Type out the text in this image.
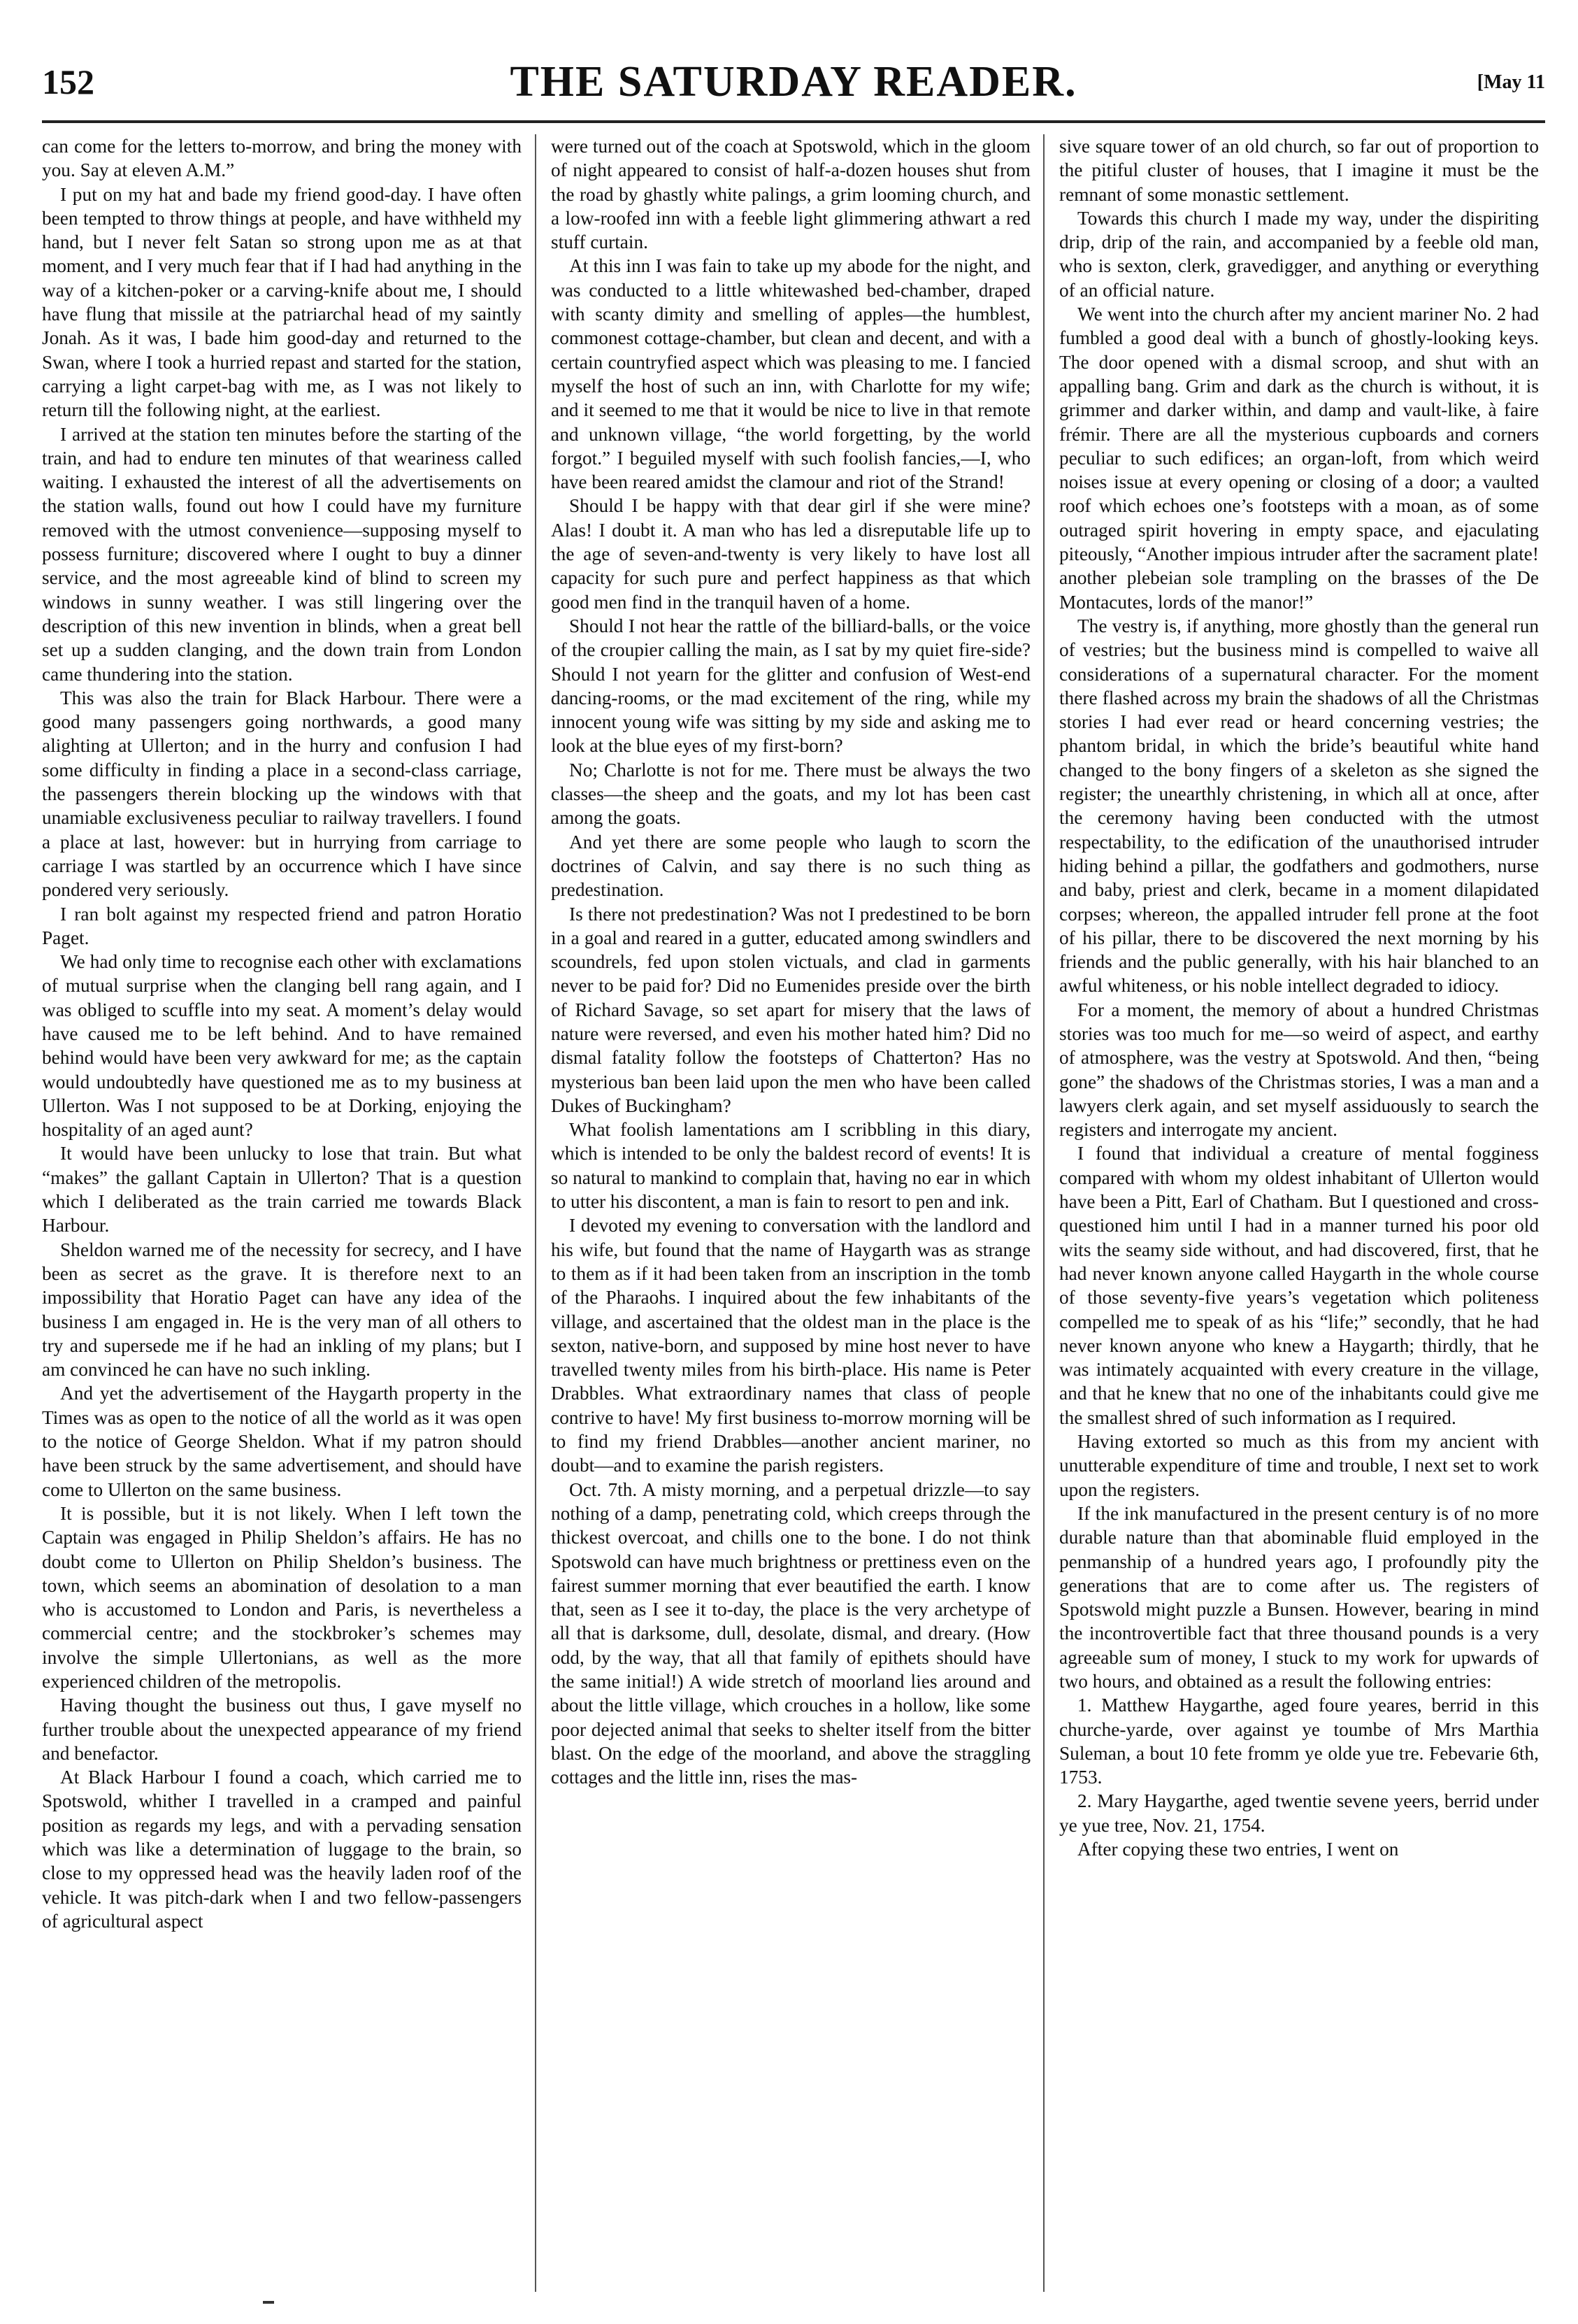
152	THE SATURDAY READER.	[May 11

can come for the letters to-morrow, and bring the money with you. Say at eleven A.M.”

I put on my hat and bade my friend good-day. I have often been tempted to throw things at people, and have withheld my hand, but I never felt Satan so strong upon me as at that moment, and I very much fear that if I had had anything in the way of a kitchen-poker or a carving-knife about me, I should have flung that missile at the patriarchal head of my saintly Jonah. As it was, I bade him good-day and returned to the Swan, where I took a hurried repast and started for the station, carrying a light carpet-bag with me, as I was not likely to return till the following night, at the earliest.

I arrived at the station ten minutes before the starting of the train, and had to endure ten minutes of that weariness called waiting. I exhausted the interest of all the advertisements on the station walls, found out how I could have my furniture removed with the utmost convenience—supposing myself to possess furniture; discovered where I ought to buy a dinner service, and the most agreeable kind of blind to screen my windows in sunny weather. I was still lingering over the description of this new invention in blinds, when a great bell set up a sudden clanging, and the down train from London came thundering into the station.

This was also the train for Black Harbour. There were a good many passengers going northwards, a good many alighting at Ullerton; and in the hurry and confusion I had some difficulty in finding a place in a second-class carriage, the passengers therein blocking up the windows with that unamiable exclusiveness peculiar to railway travellers. I found a place at last, however: but in hurrying from carriage to carriage I was startled by an occurrence which I have since pondered very seriously.

I ran bolt against my respected friend and patron Horatio Paget.

We had only time to recognise each other with exclamations of mutual surprise when the clanging bell rang again, and I was obliged to scuffle into my seat. A moment’s delay would have caused me to be left behind. And to have remained behind would have been very awkward for me; as the captain would undoubtedly have questioned me as to my business at Ullerton. Was I not supposed to be at Dorking, enjoying the hospitality of an aged aunt?

It would have been unlucky to lose that train. But what “makes” the gallant Captain in Ullerton? That is a question which I deliberated as the train carried me towards Black Harbour.

Sheldon warned me of the necessity for secrecy, and I have been as secret as the grave. It is therefore next to an impossibility that Horatio Paget can have any idea of the business I am engaged in. He is the very man of all others to try and supersede me if he had an inkling of my plans; but I am convinced he can have no such inkling.

And yet the advertisement of the Haygarth property in the Times was as open to the notice of all the world as it was open to the notice of George Sheldon. What if my patron should have been struck by the same advertisement, and should have come to Ullerton on the same business.

It is possible, but it is not likely. When I left town the Captain was engaged in Philip Sheldon’s affairs. He has no doubt come to Ullerton on Philip Sheldon’s business. The town, which seems an abomination of desolation to a man who is accustomed to London and Paris, is nevertheless a commercial centre; and the stockbroker’s schemes may involve the simple Ullertonians, as well as the more experienced children of the metropolis.

Having thought the business out thus, I gave myself no further trouble about the unexpected appearance of my friend and benefactor.

At Black Harbour I found a coach, which carried me to Spotswold, whither I travelled in a cramped and painful position as regards my legs, and with a pervading sensation which was like a determination of luggage to the brain, so close to my oppressed head was the heavily laden roof of the vehicle. It was pitch-dark when I and two fellow-passengers of agricultural aspect

were turned out of the coach at Spotswold, which in the gloom of night appeared to consist of half-a-dozen houses shut from the road by ghastly white palings, a grim looming church, and a low-roofed inn with a feeble light glimmering athwart a red stuff curtain.

At this inn I was fain to take up my abode for the night, and was conducted to a little whitewashed bed-chamber, draped with scanty dimity and smelling of apples—the humblest, commonest cottage-chamber, but clean and decent, and with a certain countryfied aspect which was pleasing to me. I fancied myself the host of such an inn, with Charlotte for my wife; and it seemed to me that it would be nice to live in that remote and unknown village, “the world forgetting, by the world forgot.” I beguiled myself with such foolish fancies,—I, who have been reared amidst the clamour and riot of the Strand!

Should I be happy with that dear girl if she were mine? Alas! I doubt it. A man who has led a disreputable life up to the age of seven-and-twenty is very likely to have lost all capacity for such pure and perfect happiness as that which good men find in the tranquil haven of a home.

Should I not hear the rattle of the billiard-balls, or the voice of the croupier calling the main, as I sat by my quiet fire-side? Should I not yearn for the glitter and confusion of West-end dancing-rooms, or the mad excitement of the ring, while my innocent young wife was sitting by my side and asking me to look at the blue eyes of my first-born?

No; Charlotte is not for me. There must be always the two classes—the sheep and the goats, and my lot has been cast among the goats.

And yet there are some people who laugh to scorn the doctrines of Calvin, and say there is no such thing as predestination.

Is there not predestination? Was not I predestined to be born in a goal and reared in a gutter, educated among swindlers and scoundrels, fed upon stolen victuals, and clad in garments never to be paid for? Did no Eumenides preside over the birth of Richard Savage, so set apart for misery that the laws of nature were reversed, and even his mother hated him? Did no dismal fatality follow the footsteps of Chatterton? Has no mysterious ban been laid upon the men who have been called Dukes of Buckingham?

What foolish lamentations am I scribbling in this diary, which is intended to be only the baldest record of events! It is so natural to mankind to complain that, having no ear in which to utter his discontent, a man is fain to resort to pen and ink.

I devoted my evening to conversation with the landlord and his wife, but found that the name of Haygarth was as strange to them as if it had been taken from an inscription in the tomb of the Pharaohs. I inquired about the few inhabitants of the village, and ascertained that the oldest man in the place is the sexton, native-born, and supposed by mine host never to have travelled twenty miles from his birth-place. His name is Peter Drabbles. What extraordinary names that class of people contrive to have! My first business to-morrow morning will be to find my friend Drabbles—another ancient mariner, no doubt—and to examine the parish registers.

Oct. 7th. A misty morning, and a perpetual drizzle—to say nothing of a damp, penetrating cold, which creeps through the thickest overcoat, and chills one to the bone. I do not think Spotswold can have much brightness or prettiness even on the fairest summer morning that ever beautified the earth. I know that, seen as I see it to-day, the place is the very archetype of all that is darksome, dull, desolate, dismal, and dreary. (How odd, by the way, that all that family of epithets should have the same initial!) A wide stretch of moorland lies around and about the little village, which crouches in a hollow, like some poor dejected animal that seeks to shelter itself from the bitter blast. On the edge of the moorland, and above the straggling cottages and the little inn, rises the mas-

sive square tower of an old church, so far out of proportion to the pitiful cluster of houses, that I imagine it must be the remnant of some monastic settlement.

Towards this church I made my way, under the dispiriting drip, drip of the rain, and accompanied by a feeble old man, who is sexton, clerk, gravedigger, and anything or everything of an official nature.

We went into the church after my ancient mariner No. 2 had fumbled a good deal with a bunch of ghostly-looking keys. The door opened with a dismal scroop, and shut with an appalling bang. Grim and dark as the church is without, it is grimmer and darker within, and damp and vault-like, à faire frémir. There are all the mysterious cupboards and corners peculiar to such edifices; an organ-loft, from which weird noises issue at every opening or closing of a door; a vaulted roof which echoes one’s footsteps with a moan, as of some outraged spirit hovering in empty space, and ejaculating piteously, “Another impious intruder after the sacrament plate! another plebeian sole trampling on the brasses of the De Montacutes, lords of the manor!”

The vestry is, if anything, more ghostly than the general run of vestries; but the business mind is compelled to waive all considerations of a supernatural character. For the moment there flashed across my brain the shadows of all the Christmas stories I had ever read or heard concerning vestries; the phantom bridal, in which the bride’s beautiful white hand changed to the bony fingers of a skeleton as she signed the register; the unearthly christening, in which all at once, after the ceremony having been conducted with the utmost respectability, to the edification of the unauthorised intruder hiding behind a pillar, the godfathers and godmothers, nurse and baby, priest and clerk, became in a moment dilapidated corpses; whereon, the appalled intruder fell prone at the foot of his pillar, there to be discovered the next morning by his friends and the public generally, with his hair blanched to an awful whiteness, or his noble intellect degraded to idiocy.

For a moment, the memory of about a hundred Christmas stories was too much for me—so weird of aspect, and earthy of atmosphere, was the vestry at Spotswold. And then, “being gone” the shadows of the Christmas stories, I was a man and a lawyers clerk again, and set myself assiduously to search the registers and interrogate my ancient.

I found that individual a creature of mental fogginess compared with whom my oldest inhabitant of Ullerton would have been a Pitt, Earl of Chatham. But I questioned and cross-questioned him until I had in a manner turned his poor old wits the seamy side without, and had discovered, first, that he had never known anyone called Haygarth in the whole course of those seventy-five years’s vegetation which politeness compelled me to speak of as his “life;” secondly, that he had never known anyone who knew a Haygarth; thirdly, that he was intimately acquainted with every creature in the village, and that he knew that no one of the inhabitants could give me the smallest shred of such information as I required.

Having extorted so much as this from my ancient with unutterable expenditure of time and trouble, I next set to work upon the registers.

If the ink manufactured in the present century is of no more durable nature than that abominable fluid employed in the penmanship of a hundred years ago, I profoundly pity the generations that are to come after us. The registers of Spotswold might puzzle a Bunsen. However, bearing in mind the incontrovertible fact that three thousand pounds is a very agreeable sum of money, I stuck to my work for upwards of two hours, and obtained as a result the following entries:

1. Matthew Haygarthe, aged foure yeares, berrid in this churche-yarde, over against ye toumbe of Mrs Marthia Suleman, a bout 10 fete fromm ye olde yue tre. Febevarie 6th, 1753.

2. Mary Haygarthe, aged twentie sevene yeers, berrid under ye yue tree, Nov. 21, 1754.

After copying these two entries, I went on
